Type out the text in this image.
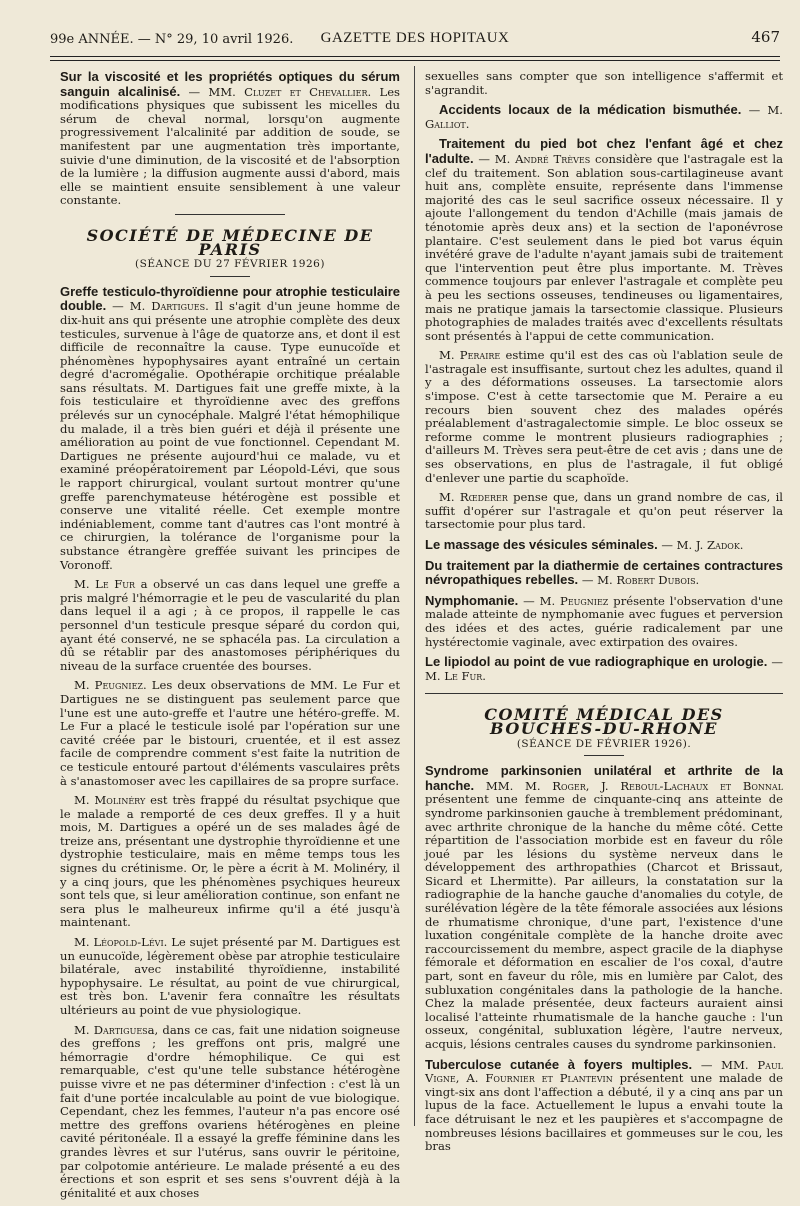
99e ANNÉE. — N° 29, 10 avril 1926.	GAZETTE DES HOPITAUX	467

Sur la viscosité et les propriétés optiques du sérum sanguin alcalinisé. — MM. Cluzet et Chevallier. Les modifications physiques que subissent les micelles du sérum de cheval normal, lorsqu'on augmente progressivement l'alcalinité par addition de soude, se manifestent par une augmentation très importante, suivie d'une diminution, de la viscosité et de l'absorption de la lumière ; la diffusion augmente aussi d'abord, mais elle se maintient ensuite sensiblement à une valeur constante.

SOCIÉTÉ DE MÉDECINE DE PARIS

(SÉANCE DU 27 FÉVRIER 1926)

Greffe testiculo-thyroïdienne pour atrophie testiculaire double. — M. Dartigues. Il s'agit d'un jeune homme de dix-huit ans qui présente une atrophie complète des deux testicules, survenue à l'âge de quatorze ans, et dont il est difficile de reconnaître la cause. Type eunucoïde et phénomènes hypophysaires ayant entraîné un certain degré d'acromégalie. Opothérapie orchitique préalable sans résultats. M. Dartigues fait une greffe mixte, à la fois testiculaire et thyroïdienne avec des greffons prélevés sur un cynocéphale. Malgré l'état hémophilique du malade, il a très bien guéri et déjà il présente une amélioration au point de vue fonctionnel. Cependant M. Dartigues ne présente aujourd'hui ce malade, vu et examiné préopératoirement par Léopold-Lévi, que sous le rapport chirurgical, voulant surtout montrer qu'une greffe parenchymateuse hétérogène est possible et conserve une vitalité réelle. Cet exemple montre indéniablement, comme tant d'autres cas l'ont montré à ce chirurgien, la tolérance de l'organisme pour la substance étrangère greffée suivant les principes de Voronoff.

M. Le Fur a observé un cas dans lequel une greffe a pris malgré l'hémorragie et le peu de vascularité du plan dans lequel il a agi ; à ce propos, il rappelle le cas personnel d'un testicule presque séparé du cordon qui, ayant été conservé, ne se sphacéla pas. La circulation a dû se rétablir par des anastomoses périphériques du niveau de la surface cruentée des bourses.

M. Peugniez. Les deux observations de MM. Le Fur et Dartigues ne se distinguent pas seulement parce que l'une est une auto-greffe et l'autre une hétéro-greffe. M. Le Fur a placé le testicule isolé par l'opération sur une cavité créée par le bistouri, cruentée, et il est assez facile de comprendre comment s'est faite la nutrition de ce testicule entouré partout d'éléments vasculaires prêts à s'anastomoser avec les capillaires de sa propre surface.

M. Molinéry est très frappé du résultat psychique que le malade a remporté de ces deux greffes. Il y a huit mois, M. Dartigues a opéré un de ses malades âgé de treize ans, présentant une dystrophie thyroïdienne et une dystrophie testiculaire, mais en même temps tous les signes du crétinisme. Or, le père a écrit à M. Molinéry, il y a cinq jours, que les phénomènes psychiques heureux sont tels que, si leur amélioration continue, son enfant ne sera plus le malheureux infirme qu'il a été jusqu'à maintenant.

M. Léopold-Lévi. Le sujet présenté par M. Dartigues est un eunucoïde, légèrement obèse par atrophie testiculaire bilatérale, avec instabilité thyroïdienne, instabilité hypophysaire. Le résultat, au point de vue chirurgical, est très bon. L'avenir fera connaître les résultats ultérieurs au point de vue physiologique.

M. Dartiguesa, dans ce cas, fait une nidation soigneuse des greffons ; les greffons ont pris, malgré une hémorragie d'ordre hémophilique. Ce qui est remarquable, c'est qu'une telle substance hétérogène puisse vivre et ne pas déterminer d'infection : c'est là un fait d'une portée incalculable au point de vue biologique. Cependant, chez les femmes, l'auteur n'a pas encore osé mettre des greffons ovariens hétérogènes en pleine cavité péritonéale. Il a essayé la greffe féminine dans les grandes lèvres et sur l'utérus, sans ouvrir le péritoine, par colpotomie antérieure. Le malade présenté a eu des érections et son esprit et ses sens s'ouvrent déjà à la génitalité et aux choses

sexuelles sans compter que son intelligence s'affermit et s'agrandit.

Accidents locaux de la médication bismuthée. — M. Galliot.

Traitement du pied bot chez l'enfant âgé et chez l'adulte. — M. André Trèves considère que l'astragale est la clef du traitement. Son ablation sous-cartilagineuse avant huit ans, complète ensuite, représente dans l'immense majorité des cas le seul sacrifice osseux nécessaire. Il y ajoute l'allongement du tendon d'Achille (mais jamais de ténotomie après deux ans) et la section de l'aponévrose plantaire. C'est seulement dans le pied bot varus équin invétéré grave de l'adulte n'ayant jamais subi de traitement que l'intervention peut être plus importante. M. Trèves commence toujours par enlever l'astragale et complète peu à peu les sections osseuses, tendineuses ou ligamentaires, mais ne pratique jamais la tarsectomie classique. Plusieurs photographies de malades traités avec d'excellents résultats sont présentés à l'appui de cette communication.

M. Peraire estime qu'il est des cas où l'ablation seule de l'astragale est insuffisante, surtout chez les adultes, quand il y a des déformations osseuses. La tarsectomie alors s'impose. C'est à cette tarsectomie que M. Peraire a eu recours bien souvent chez des malades opérés préalablement d'astragalectomie simple. Le bloc osseux se reforme comme le montrent plusieurs radiographies ; d'ailleurs M. Trèves sera peut-être de cet avis ; dans une de ses observations, en plus de l'astragale, il fut obligé d'enlever une partie du scaphoïde.

M. Rœderer pense que, dans un grand nombre de cas, il suffit d'opérer sur l'astragale et qu'on peut réserver la tarsectomie pour plus tard.

Le massage des vésicules séminales. — M. J. Zadok.

Du traitement par la diathermie de certaines contractures névropathiques rebelles. — M. Robert Dubois.

Nymphomanie. — M. Peugniez présente l'observation d'une malade atteinte de nymphomanie avec fugues et perversion des idées et des actes, guérie radicalement par une hystérectomie vaginale, avec extirpation des ovaires.

Le lipiodol au point de vue radiographique en urologie. — M. Le Fur.

COMITÉ MÉDICAL DES BOUCHES-DU-RHONE

(SÉANCE DE FÉVRIER 1926).

Syndrome parkinsonien unilatéral et arthrite de la hanche. MM. M. Roger, J. Reboul-Lachaux et Bonnal présentent une femme de cinquante-cinq ans atteinte de syndrome parkinsonien gauche à tremblement prédominant, avec arthrite chronique de la hanche du même côté. Cette répartition de l'association morbide est en faveur du rôle joué par les lésions du système nerveux dans le développement des arthropathies (Charcot et Brissaut, Sicard et Lhermitte). Par ailleurs, la constatation sur la radiographie de la hanche gauche d'anomalies du cotyle, de surélévation légère de la tête fémorale associées aux lésions de rhumatisme chronique, d'une part, l'existence d'une luxation congénitale complète de la hanche droite avec raccourcissement du membre, aspect gracile de la diaphyse fémorale et déformation en escalier de l'os coxal, d'autre part, sont en faveur du rôle, mis en lumière par Calot, des subluxation congénitales dans la pathologie de la hanche. Chez la malade présentée, deux facteurs auraient ainsi localisé l'atteinte rhumatismale de la hanche gauche : l'un osseux, congénital, subluxation légère, l'autre nerveux, acquis, lésions centrales causes du syndrome parkinsonien.

Tuberculose cutanée à foyers multiples. — MM. Paul Vigne, A. Fournier et Plantevin présentent une malade de vingt-six ans dont l'affection a débuté, il y a cinq ans par un lupus de la face. Actuellement le lupus a envahi toute la face détruisant le nez et les paupières et s'accompagne de nombreuses lésions bacillaires et gommeuses sur le cou, les bras
